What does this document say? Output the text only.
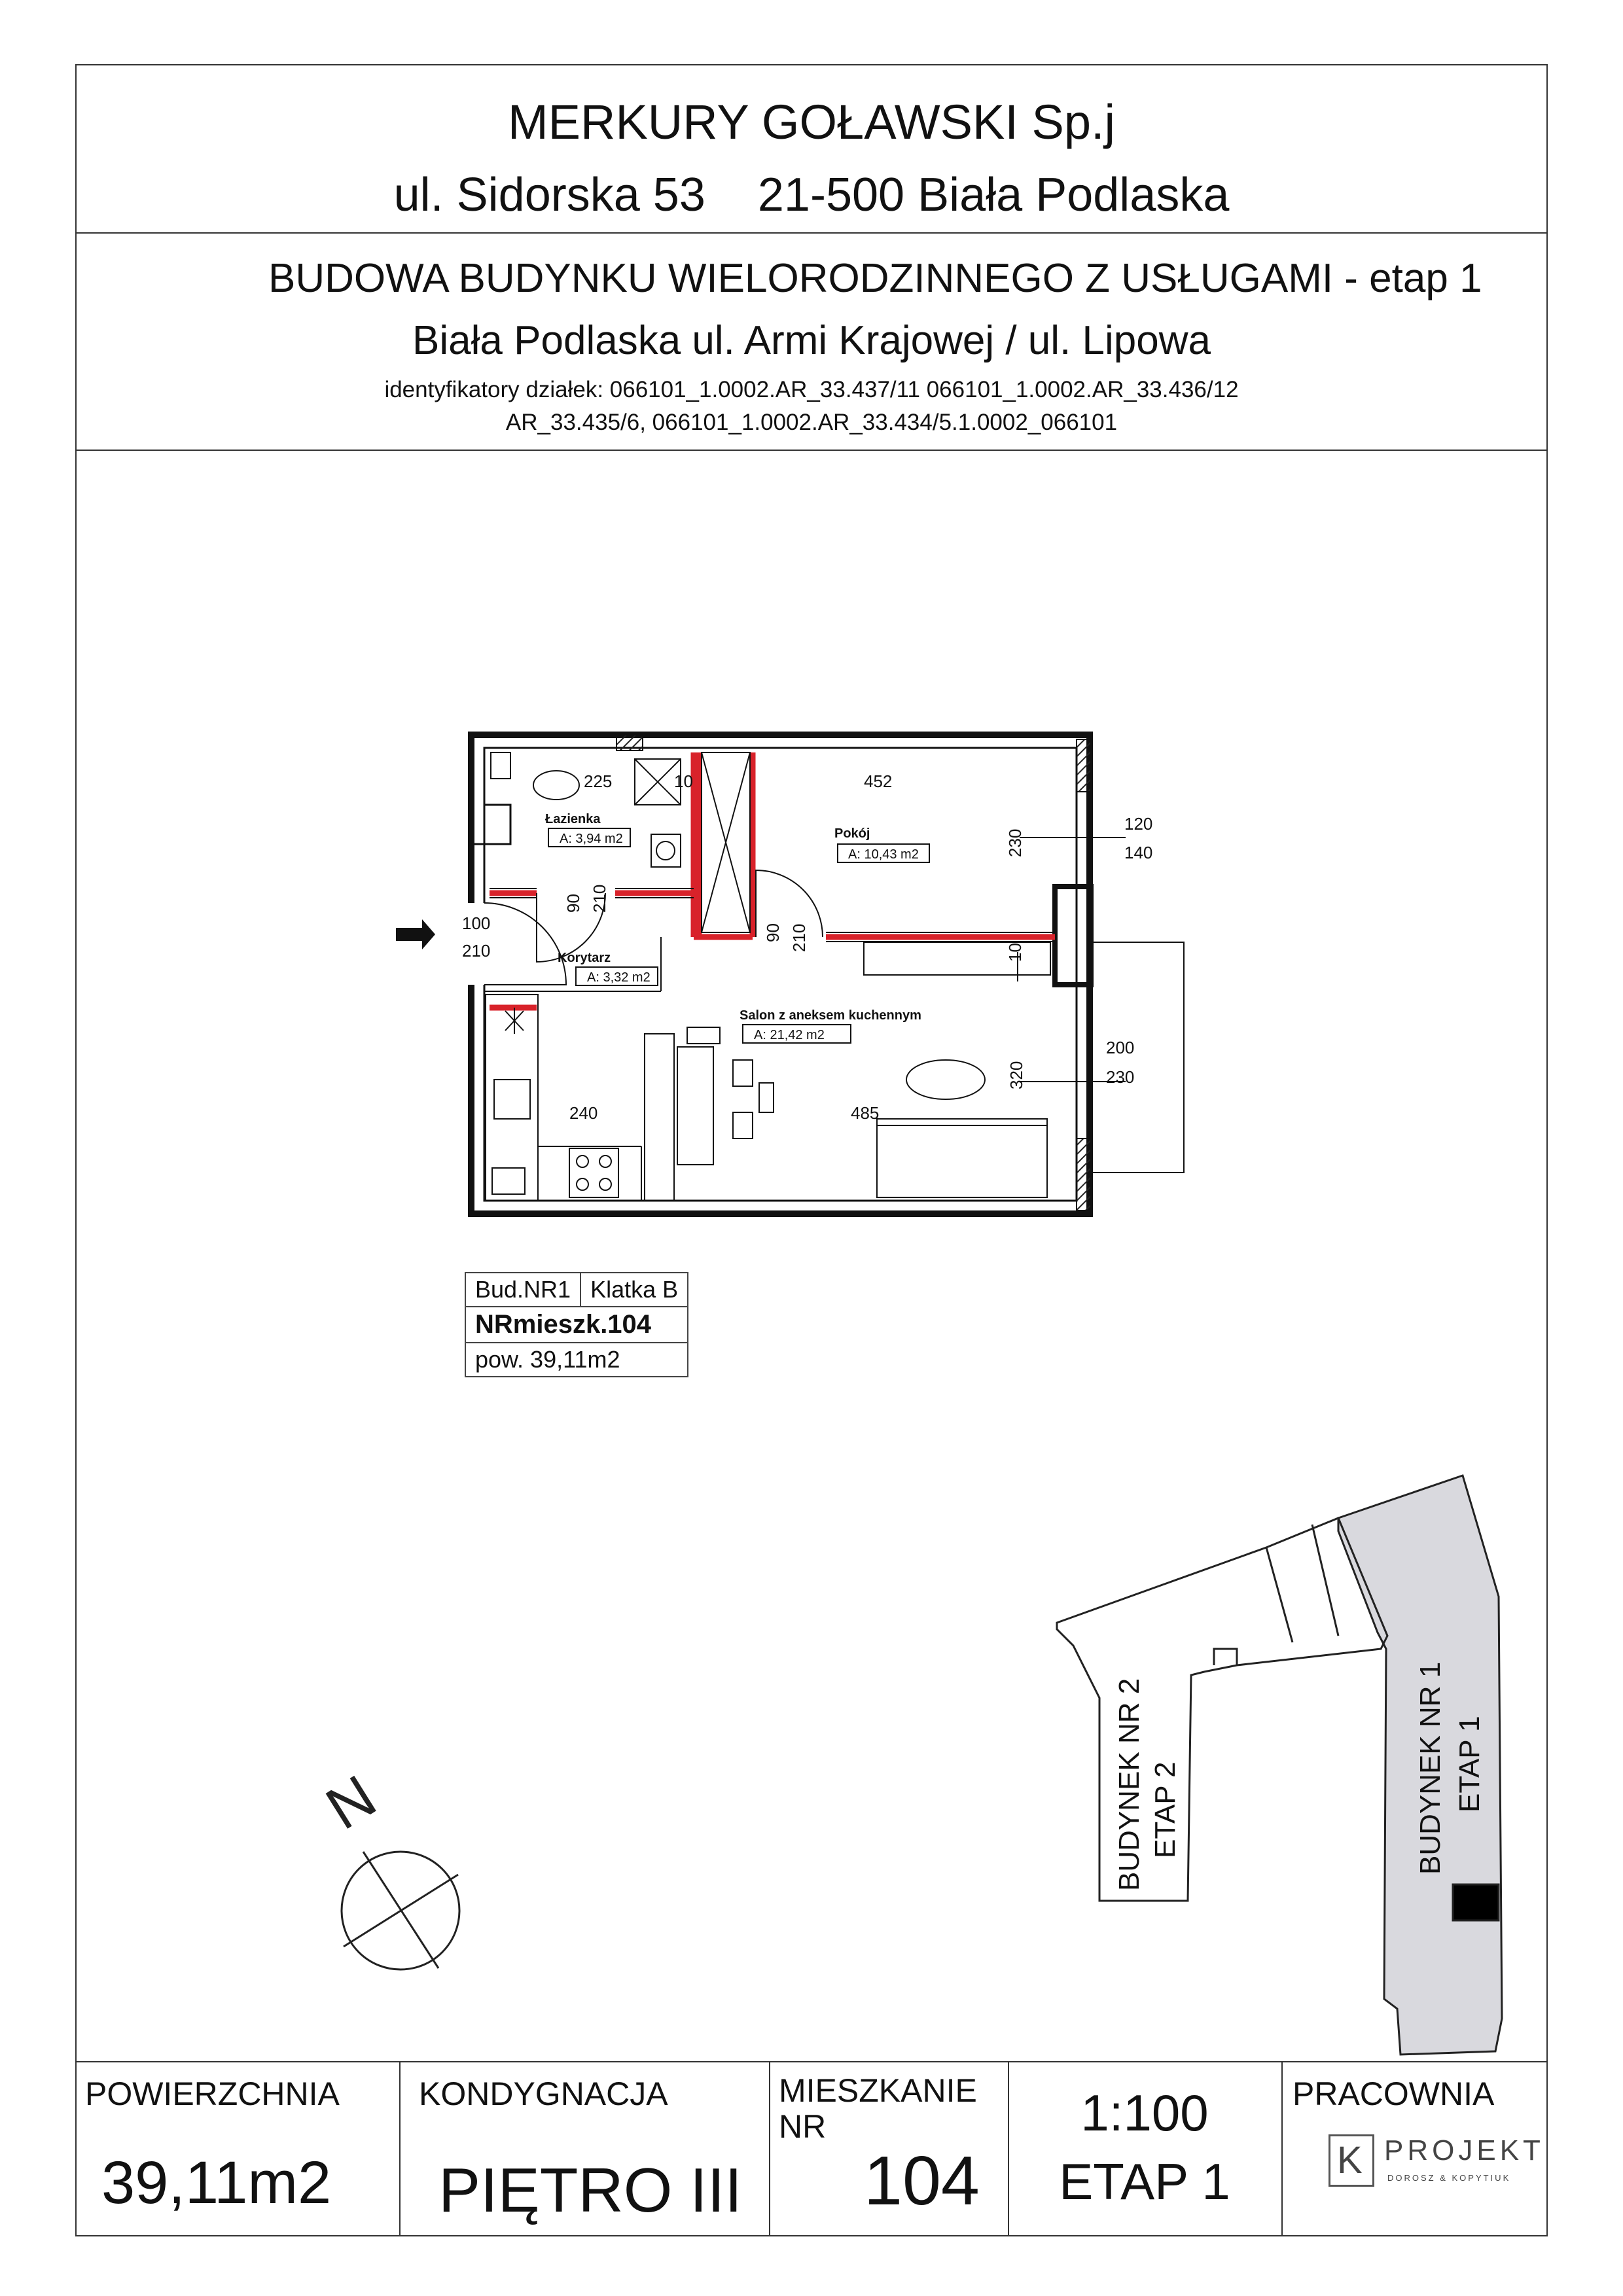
MERKURY GOŁAWSKI Sp.j
ul. Sidorska 53    21-500 Biała Podlaska
BUDOWA BUDYNKU WIELORODZINNEGO Z USŁUGAMI - etap 1
Biała Podlaska ul. Armi Krajowej / ul. Lipowa
identyfikatory działek: 066101_1.0002.AR_33.437/11 066101_1.0002.AR_33.436/12
AR_33.435/6, 066101_1.0002.AR_33.434/5.1.0002_066101
225	10	452
230
120
140
90 210
90 210
100
210	10
320
200
230
240	485
Łazienka
Pokój
Korytarz
Salon z aneksem kuchennym
A: 3,94 m2
A: 10,43 m2
A: 3,32 m2
A: 21,42 m2
N	BUDYNEK NR 2 ETAP 2	BUDYNEK NR 1 ETAP 1
Bud.NR1	Klatka B
NRmieszk.104
pow. 39,11m2
POWIERZCHNIA
39,11m2
KONDYGNACJA
PIĘTRO III
MIESZKANIE
NR
104
1:100
ETAP 1
PRACOWNIA
K PROJEKT
DOROSZ & KOPYTIUK
